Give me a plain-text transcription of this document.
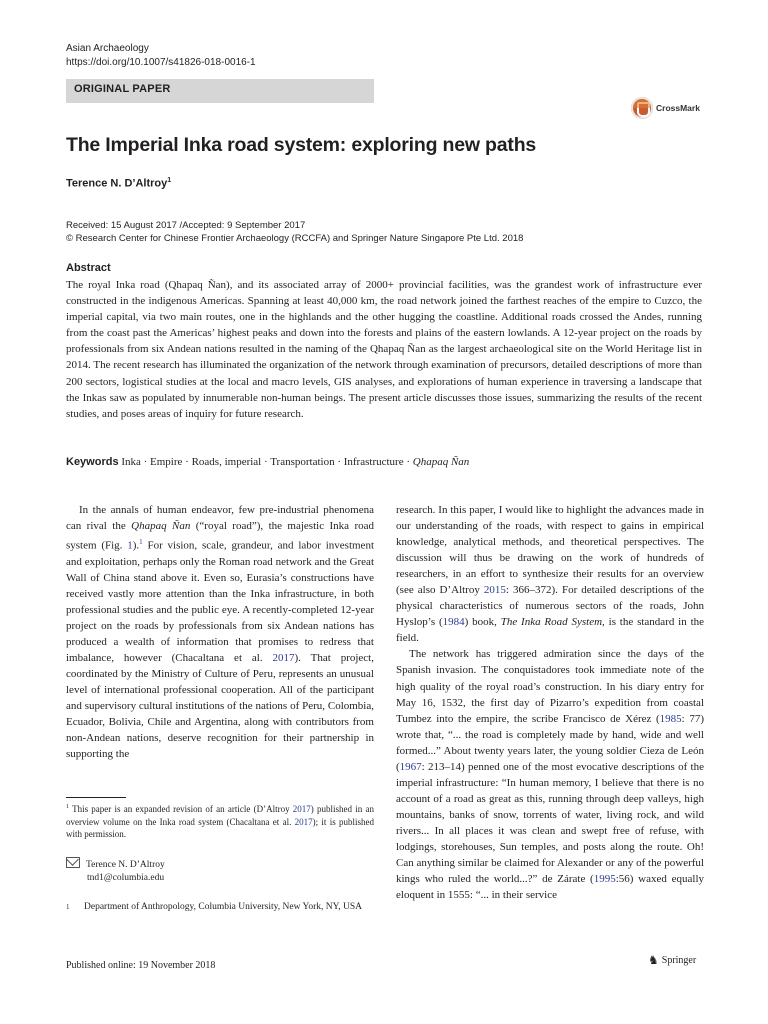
Asian Archaeology
https://doi.org/10.1007/s41826-018-0016-1
ORIGINAL PAPER
CrossMark
The Imperial Inka road system: exploring new paths
Terence N. D’Altroy$^1$
Received: 15 August 2017 /Accepted: 9 September 2017
© Research Center for Chinese Frontier Archaeology (RCCFA) and Springer Nature Singapore Pte Ltd. 2018
Abstract
The royal Inka road (Qhapaq Ñan), and its associated array of 2000+ provincial facilities, was the grandest work of infrastructure ever constructed in the indigenous Americas. Spanning at least 40,000 km, the road network joined the farthest reaches of the empire to Cuzco, the imperial capital, via two main routes, one in the highlands and the other hugging the coastline. Additional roads crossed the Andes, running from the coast past the Americas’ highest peaks and down into the forests and plains of the eastern lowlands. A 12-year project on the roads by professionals from six Andean nations resulted in the naming of the Qhapaq Ñan as the largest archaeological site on the World Heritage list in 2014. The recent research has illuminated the organization of the network through examination of precursors, detailed descriptions of more than 200 sectors, logistical studies at the local and macro levels, GIS analyses, and explorations of human experience in traversing a landscape that the Inkas saw as populated by innumerable non-human beings. The present article discusses those issues, summarizing the results of the recent studies, and poses areas of inquiry for future research.
Keywords Inka · Empire · Roads, imperial · Transportation · Infrastructure · Qhapaq Ñan

In the annals of human endeavor, few pre-industrial phenomena can rival the Qhapaq Ñan (“royal road”), the majestic Inka road system (Fig. 1).$^1$ For vision, scale, grandeur, and labor investment and exploitation, perhaps only the Roman road network and the Great Wall of China stand above it. Even so, Eurasia’s constructions have received vastly more attention than the Inka infrastructure, in both professional studies and the public eye. A recently-completed 12-year project on the roads by professionals from six Andean nations has produced a wealth of information that promises to redress that imbalance, however (Chacaltana et al. 2017). That project, coordinated by the Ministry of Culture of Peru, represents an unusual level of international professional cooperation. All of the participant and supervisory cultural institutions of the nations of Peru, Colombia, Ecuador, Bolivia, Chile and Argentina, along with contributors from non-Andean nations, deserve recognition for their partnership in supporting the

research. In this paper, I would like to highlight the advances made in our understanding of the roads, with respect to gains in empirical knowledge, analytical methods, and theoretical perspectives. The discussion will thus be drawing on the work of hundreds of researchers, in an effort to synthesize their results for an overview (see also D’Altroy 2015: 366–372). For detailed descriptions of the physical characteristics of numerous sectors of the roads, John Hyslop’s (1984) book, The Inka Road System, is the standard in the field.

The network has triggered admiration since the days of the Spanish invasion. The conquistadores took immediate note of the high quality of the royal road’s construction. In his diary entry for May 16, 1532, the first day of Pizarro’s expedition from coastal Tumbez into the empire, the scribe Francisco de Xérez (1985: 77) wrote that, “... the road is completely made by hand, wide and well formed...” About twenty years later, the young soldier Cieza de León (1967: 213–14) penned one of the most evocative descriptions of the imperial infrastructure: “In human memory, I believe that there is no account of a road as great as this, running through deep valleys, high mountains, banks of snow, torrents of water, living rock, and wild rivers... In all places it was clean and swept free of refuse, with lodgings, storehouses, Sun temples, and posts along the route. Oh! Can anything similar be claimed for Alexander or any of the powerful kings who ruled the world...?” de Zárate (1995:56) waxed equally eloquent in 1555: “... in their service

$^1$ This paper is an expanded revision of an article (D’Altroy 2017) published in an overview volume on the Inka road system (Chacaltana et al. 2017); it is published with permission.
Terence N. D’Altroy
tnd1@columbia.edu
1 Department of Anthropology, Columbia University, New York, NY, USA
Published online: 19 November 2018	♞ Springer
